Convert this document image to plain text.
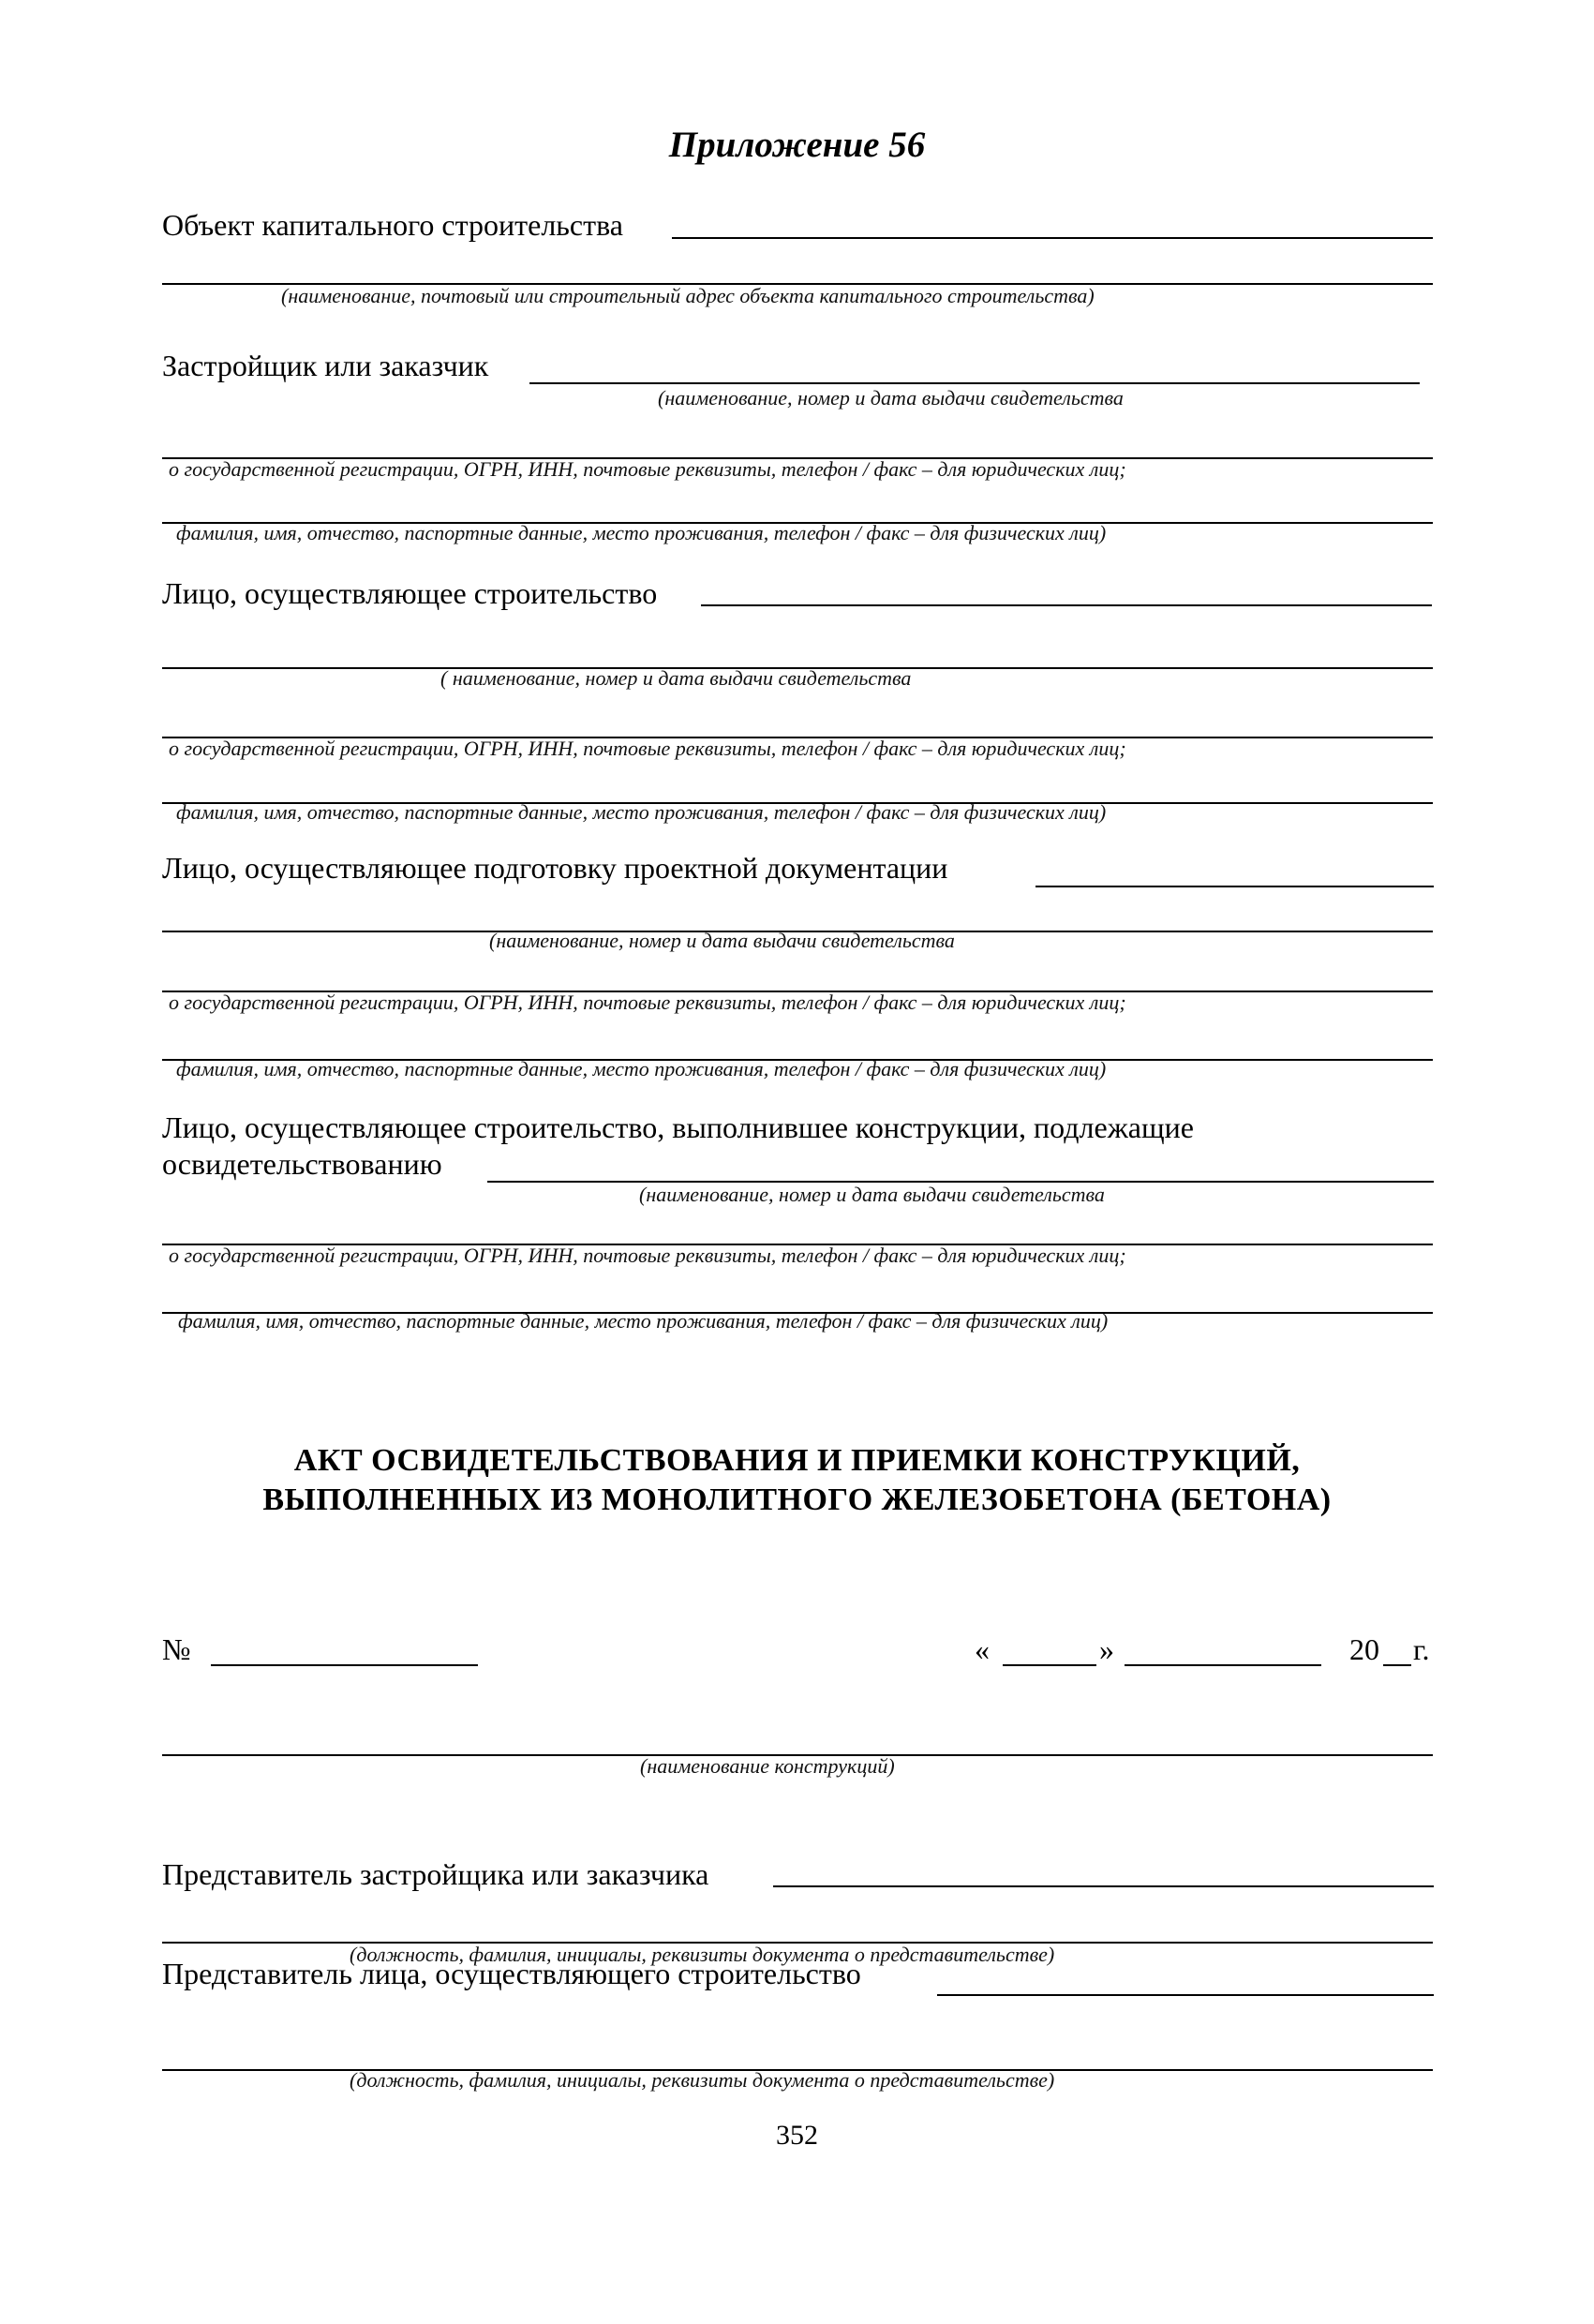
Приложение 56
Объект капитального строительства
(наименование, почтовый или строительный адрес объекта капитального строительства)
Застройщик или заказчик
(наименование, номер и дата выдачи свидетельства
о государственной регистрации, ОГРН, ИНН, почтовые реквизиты, телефон / факс – для юридических лиц;
фамилия, имя, отчество, паспортные данные, место проживания, телефон / факс – для физических лиц)
Лицо, осуществляющее строительство
( наименование, номер и дата выдачи свидетельства
о государственной регистрации, ОГРН, ИНН, почтовые реквизиты, телефон / факс – для юридических лиц;
фамилия, имя, отчество, паспортные данные, место проживания, телефон / факс – для физических лиц)
Лицо, осуществляющее подготовку проектной документации
(наименование, номер и дата выдачи свидетельства
о государственной регистрации, ОГРН, ИНН, почтовые реквизиты, телефон / факс – для юридических лиц;
фамилия, имя, отчество, паспортные данные, место проживания, телефон / факс – для физических лиц)
Лицо, осуществляющее строительство, выполнившее конструкции, подлежащие
освидетельствованию
(наименование, номер и дата выдачи свидетельства
о государственной регистрации, ОГРН, ИНН, почтовые реквизиты, телефон / факс – для юридических лиц;
фамилия, имя, отчество, паспортные данные, место проживания, телефон / факс – для физических лиц)
АКТ ОСВИДЕТЕЛЬСТВОВАНИЯ И ПРИЕМКИ КОНСТРУКЦИЙ,
ВЫПОЛНЕННЫХ ИЗ МОНОЛИТНОГО ЖЕЛЕЗОБЕТОНА (БЕТОНА)
№	«	»	20 г.
(наименование конструкций)
Представитель застройщика или заказчика
(должность, фамилия, инициалы, реквизиты документа о представительстве)
Представитель лица, осуществляющего строительство
(должность, фамилия, инициалы, реквизиты документа о представительстве)
352
